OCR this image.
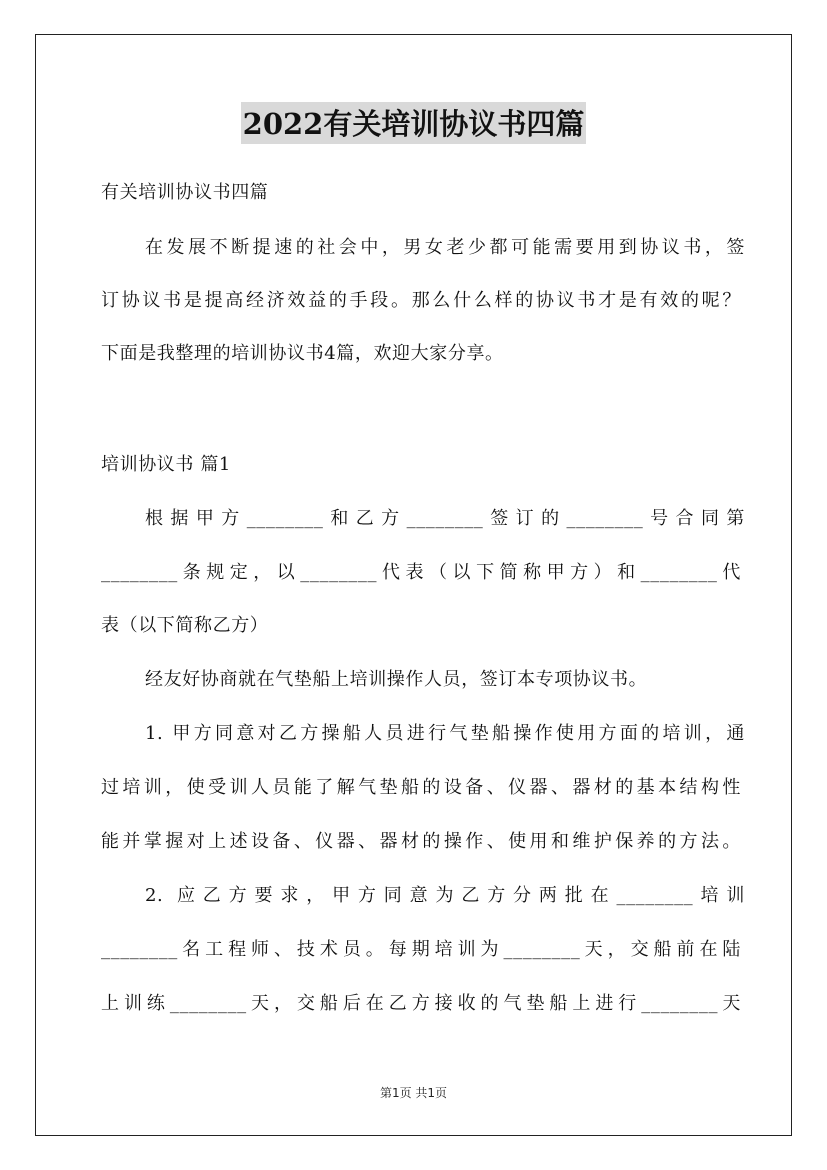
2022有关培训协议书四篇
有关培训协议书四篇
在发展不断提速的社会中，男女老少都可能需要用到协议书，签
订协议书是提高经济效益的手段。那么什么样的协议书才是有效的呢？
下面是我整理的培训协议书4篇，欢迎大家分享。
培训协议书 篇1
根据甲方________和乙方________签订的________号合同第
________条规定，以________代表（以下简称甲方）和________代
表（以下简称乙方）
经友好协商就在气垫船上培训操作人员，签订本专项协议书。
1. 甲方同意对乙方操船人员进行气垫船操作使用方面的培训，通
过培训，使受训人员能了解气垫船的设备、仪器、器材的基本结构性
能并掌握对上述设备、仪器、器材的操作、使用和维护保养的方法。
2. 应乙方要求，甲方同意为乙方分两批在________培训
________名工程师、技术员。每期培训为________天，交船前在陆
上训练________天，交船后在乙方接收的气垫船上进行________天
第1页 共1页
